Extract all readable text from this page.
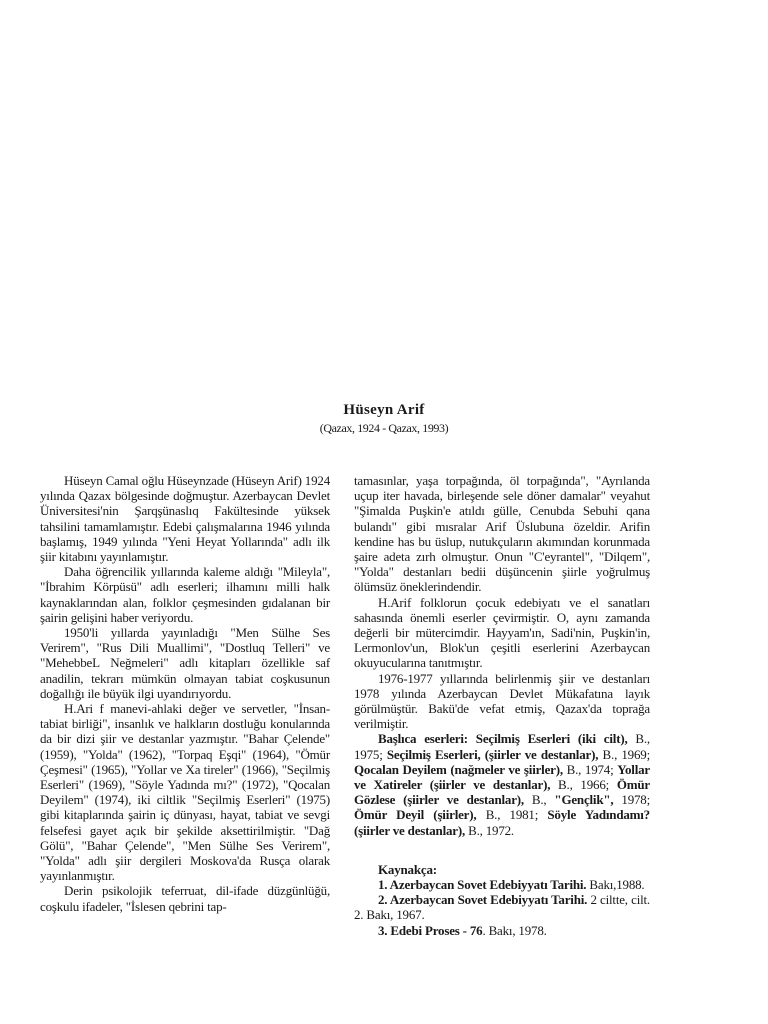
Hüseyn Arif
(Qazax, 1924 - Qazax, 1993)

Hüseyn Camal oğlu Hüseynzade (Hüseyn Arif) 1924 yılında Qazax bölgesinde doğmuştur. Azerbaycan Devlet Üniversitesi'nin Şarqşünaslıq Fakültesinde yüksek tahsilini tamamlamıştır. Edebi çalışmalarına 1946 yılında başlamış, 1949 yılında "Yeni Heyat Yollarında" adlı ilk şiir kitabını yayınlamıştır.

Daha öğrencilik yıllarında kaleme aldığı "Mileyla", "İbrahim Körpüsü" adlı eserleri; ilhamını milli halk kaynaklarından alan, folklor çeşmesinden gıdalanan bir şairin gelişini haber veriyordu.

1950'li yıllarda yayınladığı "Men Sülhe Ses Verirem", "Rus Dili Muallimi", "Dostluq Telleri" ve "MehebbeL Neğmeleri" adlı kitapları özellikle saf anadilin, tekrarı mümkün olmayan tabiat coşkusunun doğallığı ile büyük ilgi uyandırıyordu.

H.Ari f manevi-ahlaki değer ve servetler, "İnsan-tabiat birliği", insanlık ve halkların dostluğu konularında da bir dizi şiir ve destanlar yazmıştır. "Bahar Çelende" (1959), "Yolda" (1962), "Torpaq Eşqi" (1964), "Ömür Çeşmesi" (1965), "Yollar ve Xa tireler" (1966), "Seçilmiş Eserleri" (1969), "Söyle Yadında mı?" (1972), "Qocalan Deyilem" (1974), iki ciltlik "Seçilmiş Eserleri" (1975) gibi kitaplarında şairin iç dünyası, hayat, tabiat ve sevgi felsefesi gayet açık bir şekilde aksettirilmiştir. "Dağ Gölü", "Bahar Çelende", "Men Sülhe Ses Verirem", "Yolda" adlı şiir dergileri Moskova'da Rusça olarak yayınlanmıştır.

Derin psikolojik teferruat, dil-ifade düzgünlüğü, coşkulu ifadeler, "İslesen qebrini tap-

tamasınlar, yaşa torpağında, öl torpağında", "Ayrılanda uçup iter havada, birleşende sele döner damalar" veyahut "Şimalda Puşkin'e atıldı gülle, Cenubda Sebuhi qana bulandı" gibi mısralar Arif Üslubuna özeldir. Arifin kendine has bu üslup, nutukçuların akımından korunmada şaire adeta zırh olmuştur. Onun "C'eyrantel", "Dilqem", "Yolda" destanları bedii düşüncenin şiirle yoğrulmuş ölümsüz öneklerindendir.

H.Arif folklorun çocuk edebiyatı ve el sanatları sahasında önemli eserler çevirmiştir. O, aynı zamanda değerli bir mütercimdir. Hayyam'ın, Sadi'nin, Puşkin'in, Lermonlov'un, Blok'un çeşitli eserlerini Azerbaycan okuyucularına tanıtmıştır.

1976-1977 yıllarında belirlenmiş şiir ve destanları 1978 yılında Azerbaycan Devlet Mükafatına layık görülmüştür. Bakü'de vefat etmiş, Qazax'da toprağa verilmiştir.

Başlıca eserleri: Seçilmiş Eserleri (iki cilt), B., 1975; Seçilmiş Eserleri, (şiirler ve destanlar), B., 1969; Qocalan Deyilem (nağmeler ve şiirler), B., 1974; Yollar ve Xatireler (şiirler ve destanlar), B., 1966; Ömür Gözlese (şiirler ve destanlar), B., "Gençlik", 1978; Ömür Deyil (şiirler), B., 1981; Söyle Yadındamı? (şiirler ve destanlar), B., 1972.

Kaynakça:

1. Azerbaycan Sovet Edebiyyatı Tarihi. Bakı,1988.

2. Azerbaycan Sovet Edebiyyatı Tarihi. 2 ciltte, cilt. 2. Bakı, 1967.

3. Edebi Proses - 76. Bakı, 1978.
